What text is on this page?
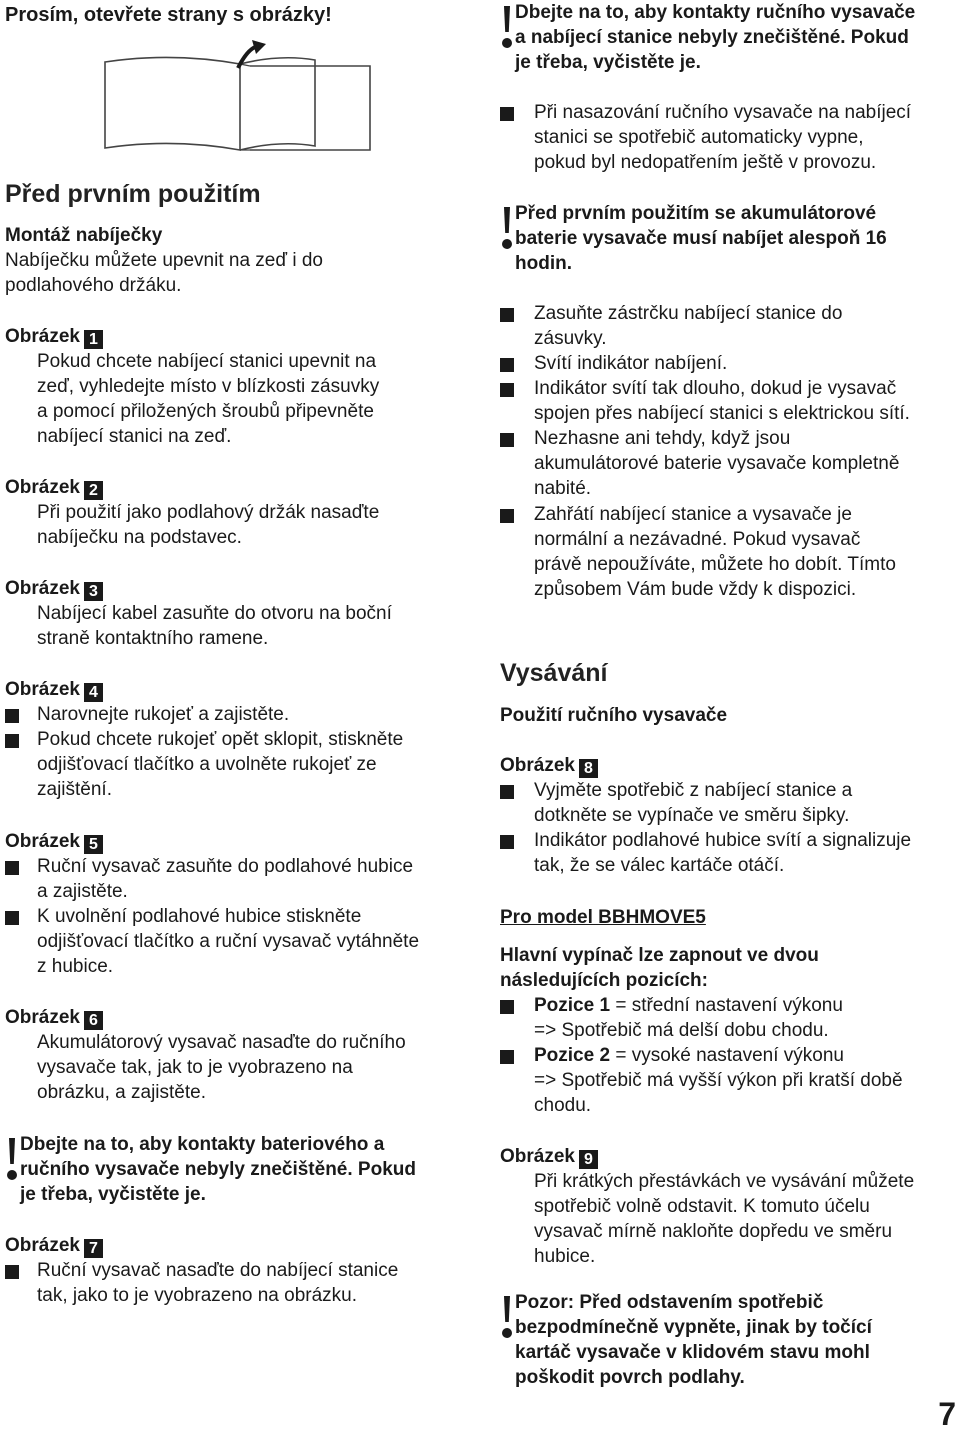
Prosím, otevřete strany s obrázky!
Před prvním použitím
Montáž nabíječky
Nabíječku můžete upevnit na zeď i do
podlahového držáku.
Obrázek 1
Pokud chcete nabíjecí stanici upevnit na
zeď, vyhledejte místo v blízkosti zásuvky
a pomocí přiložených šroubů připevněte
nabíjecí stanici na zeď.
Obrázek 2
Při použití jako podlahový držák nasaďte
nabíječku na podstavec.
Obrázek 3
Nabíjecí kabel zasuňte do otvoru na boční
straně kontaktního ramene.
Obrázek 4
Narovnejte rukojeť a zajistěte.
Pokud chcete rukojeť opět sklopit, stiskněte
odjišťovací tlačítko a uvolněte rukojeť ze
zajištění.
Obrázek 5
Ruční vysavač zasuňte do podlahové hubice
a zajistěte.
K uvolnění podlahové hubice stiskněte
odjišťovací tlačítko a ruční vysavač vytáhněte
z hubice.
Obrázek 6
Akumulátorový vysavač nasaďte do ručního
vysavače tak, jak to je vyobrazeno na
obrázku, a zajistěte.
Dbejte na to, aby kontakty bateriového a
ručního vysavače nebyly znečištěné. Pokud
je třeba, vyčistěte je.
Obrázek 7
Ruční vysavač nasaďte do nabíjecí stanice
tak, jako to je vyobrazeno na obrázku.
Dbejte na to, aby kontakty ručního vysavače
a nabíjecí stanice nebyly znečištěné. Pokud
je třeba, vyčistěte je.
Při nasazování ručního vysavače na nabíjecí
stanici se spotřebič automaticky vypne,
pokud byl nedopatřením ještě v provozu.
Před prvním použitím se akumulátorové
baterie vysavače musí nabíjet alespoň 16
hodin.
Zasuňte zástrčku nabíjecí stanice do
zásuvky.
Svítí indikátor nabíjení.
Indikátor svítí tak dlouho, dokud je vysavač
spojen přes nabíjecí stanici s elektrickou sítí.
Nezhasne ani tehdy, když jsou
akumulátorové baterie vysavače kompletně
nabité.
Zahřátí nabíjecí stanice a vysavače je
normální a nezávadné. Pokud vysavač
právě nepoužíváte, můžete ho dobít. Tímto
způsobem Vám bude vždy k dispozici.
Vysávání
Použití ručního vysavače
Obrázek 8
Vyjměte spotřebič z nabíjecí stanice a
dotkněte se vypínače ve směru šipky.
Indikátor podlahové hubice svítí a signalizuje
tak, že se válec kartáče otáčí.
Pro model BBHMOVE5
Hlavní vypínač lze zapnout ve dvou
následujících pozicích:
Pozice 1 = střední nastavení výkonu
=> Spotřebič má delší dobu chodu.
Pozice 2 = vysoké nastavení výkonu
=> Spotřebič má vyšší výkon při kratší době
chodu.
Obrázek 9
Při krátkých přestávkách ve vysávání můžete
spotřebič volně odstavit. K tomuto účelu
vysavač mírně nakloňte dopředu ve směru
hubice.
Pozor: Před odstavením spotřebič
bezpodmínečně vypněte, jinak by točící
kartáč vysavače v klidovém stavu mohl
poškodit povrch podlahy.
7
